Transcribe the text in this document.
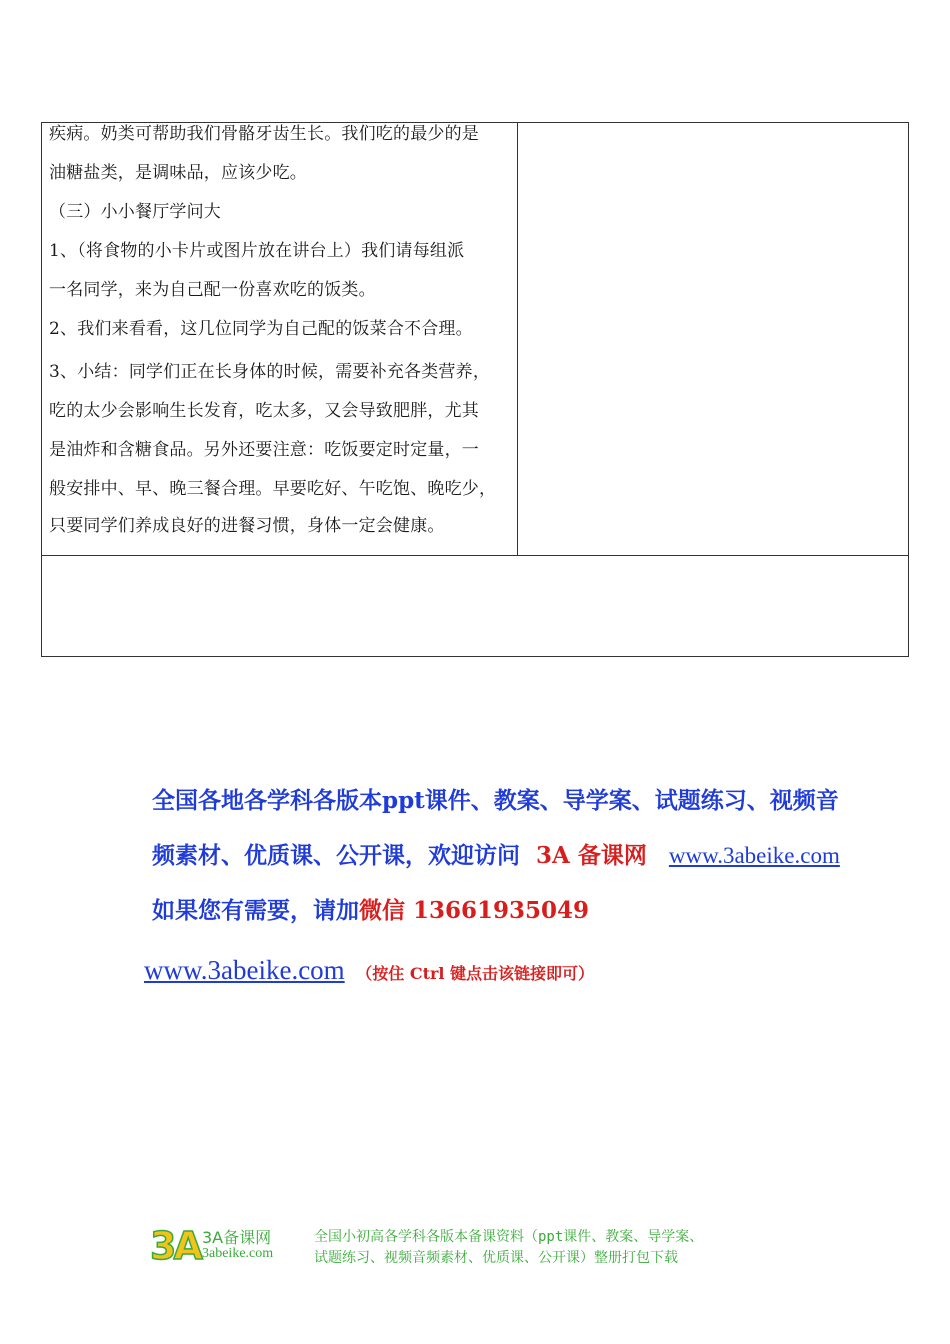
疾病。奶类可帮助我们骨骼牙齿生长。我们吃的最少的是
油糖盐类，是调味品，应该少吃。
（三）小小餐厅学问大
1、（将食物的小卡片或图片放在讲台上）我们请每组派
一名同学，来为自己配一份喜欢吃的饭类。
2、我们来看看，这几位同学为自己配的饭菜合不合理。
3、小结：同学们正在长身体的时候，需要补充各类营养，
吃的太少会影响生长发育，吃太多，又会导致肥胖，尤其
是油炸和含糖食品。另外还要注意：吃饭要定时定量，一
般安排中、早、晚三餐合理。早要吃好、午吃饱、晚吃少，
只要同学们养成良好的进餐习惯，身体一定会健康。
全国各地各学科各版本ppt课件、教案、导学案、试题练习、视频音
频素材、优质课、公开课，欢迎访问 3A 备课网 www.3abeike.com
如果您有需要，请加微信 13661935049
www.3abeike.com （按住 Ctrl 键点击该链接即可）
3A 3A备课网
3abeike.com
全国小初高各学科各版本备课资料（ppt课件、教案、导学案、
试题练习、视频音频素材、优质课、公开课）整册打包下载
